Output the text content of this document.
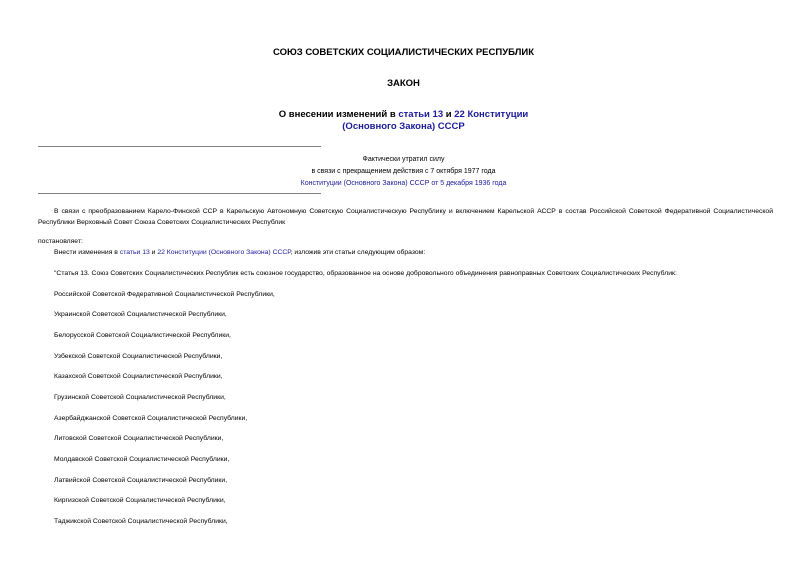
СОЮЗ СОВЕТСКИХ СОЦИАЛИСТИЧЕСКИХ РЕСПУБЛИК
ЗАКОН
О внесении изменений в статьи 13 и 22 Конституции
(Основного Закона) СССР
Фактически утратил силу
в связи с прекращением действия с 7 октября 1977 года
Конституции (Основного Закона) СССР от 5 декабря 1936 года
В связи с преобразованием Карело-Финской ССР в Карельскую Автономную Советскую Социалистическую Республику и включением Карельской АССР в состав Российской Советской Федеративной Социалистической Республики Верховный Совет Союза Советских Социалистических Республик
постановляет:
Внести изменения в статьи 13 и 22 Конституции (Основного Закона) СССР, изложив эти статьи следующим образом:
"Статья 13. Союз Советских Социалистических Республик есть союзное государство, образованное на основе добровольного объединения равноправных Советских Социалистических Республик:
Российской Советской Федеративной Социалистической Республики,
Украинской Советской Социалистической Республики,
Белорусской Советской Социалистической Республики,
Узбекской Советской Социалистической Республики,
Казахской Советской Социалистической Республики,
Грузинской Советской Социалистической Республики,
Азербайджанской Советской Социалистической Республики,
Литовской Советской Социалистической Республики,
Молдавской Советской Социалистической Республики,
Латвийской Советской Социалистической Республики,
Киргизской Советской Социалистической Республики,
Таджикской Советской Социалистической Республики,
